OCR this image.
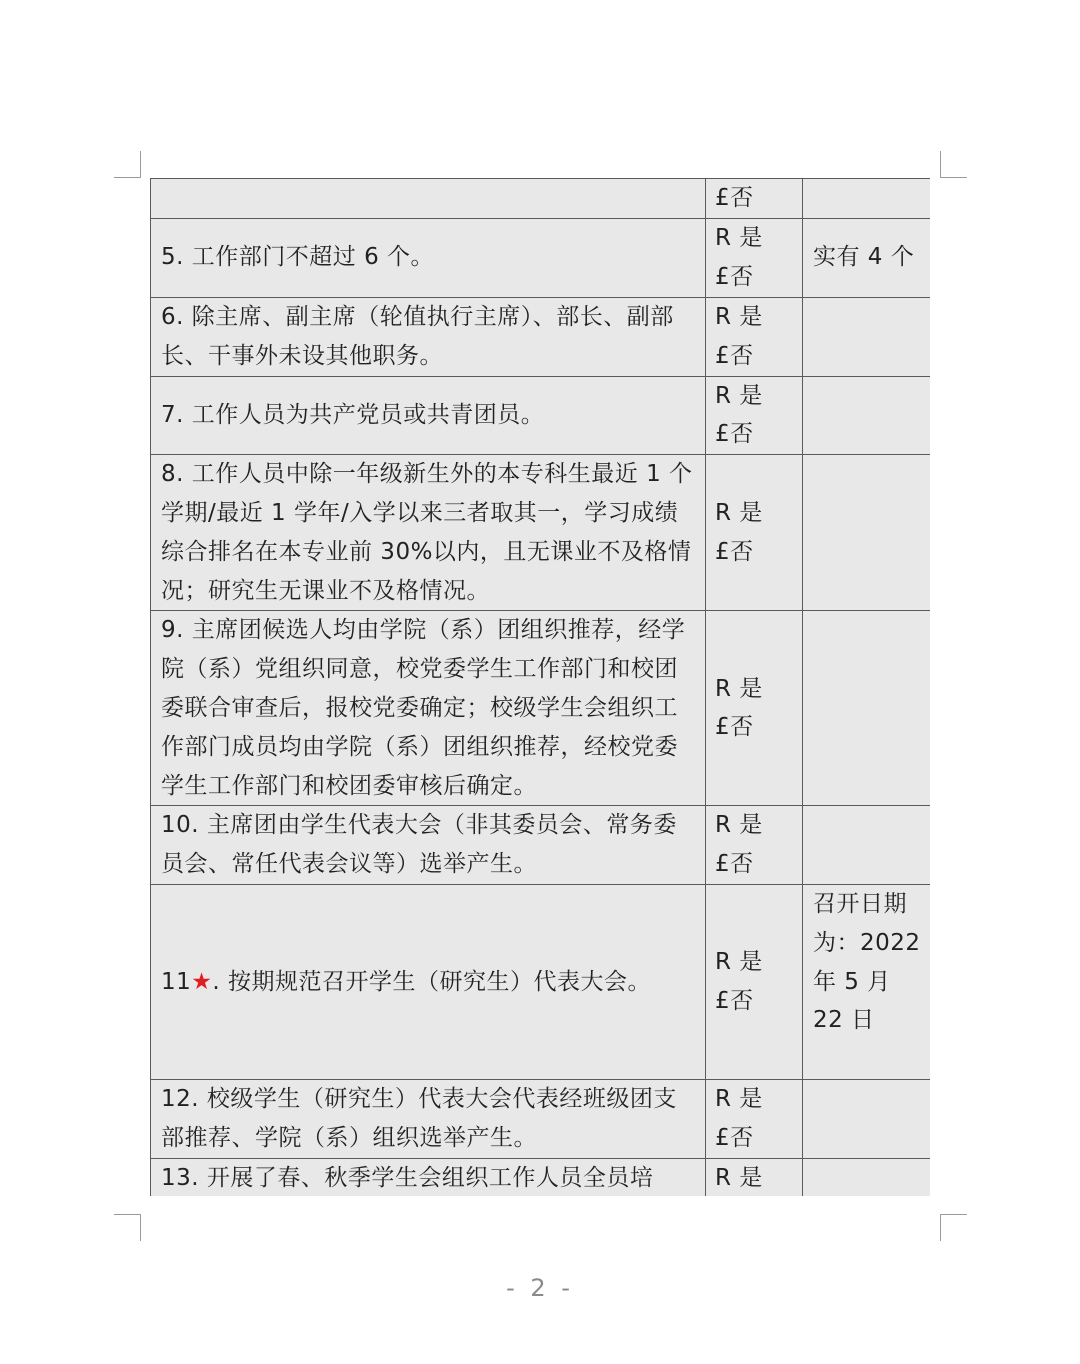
	£否	

5. 工作部门不超过 6 个。	R 是
£否	实有 4 个
6. 除主席、副主席（轮值执行主席）、部长、副部长、干事外未设其他职务。	R 是
£否	

7. 工作人员为共产党员或共青团员。	R 是
£否	

8. 工作人员中除一年级新生外的本专科生最近 1 个学期/最近 1 学年/入学以来三者取其一，学习成绩综合排名在本专业前 30%以内，且无课业不及格情况；研究生无课业不及格情况。	R 是
£否	

9. 主席团候选人均由学院（系）团组织推荐，经学院（系）党组织同意，校党委学生工作部门和校团委联合审查后，报校党委确定；校级学生会组织工作部门成员均由学院（系）团组织推荐，经校党委学生工作部门和校团委审核后确定。	R 是
£否	

10. 主席团由学生代表大会（非其委员会、常务委员会、常任代表会议等）选举产生。	R 是
£否	

11★. 按期规范召开学生（研究生）代表大会。	R 是
£否	召开日期为：2022 年 5 月 22 日
12. 校级学生（研究生）代表大会代表经班级团支部推荐、学院（系）组织选举产生。	R 是
£否	

13. 开展了春、秋季学生会组织工作人员全员培	R 是	

- 2 -
